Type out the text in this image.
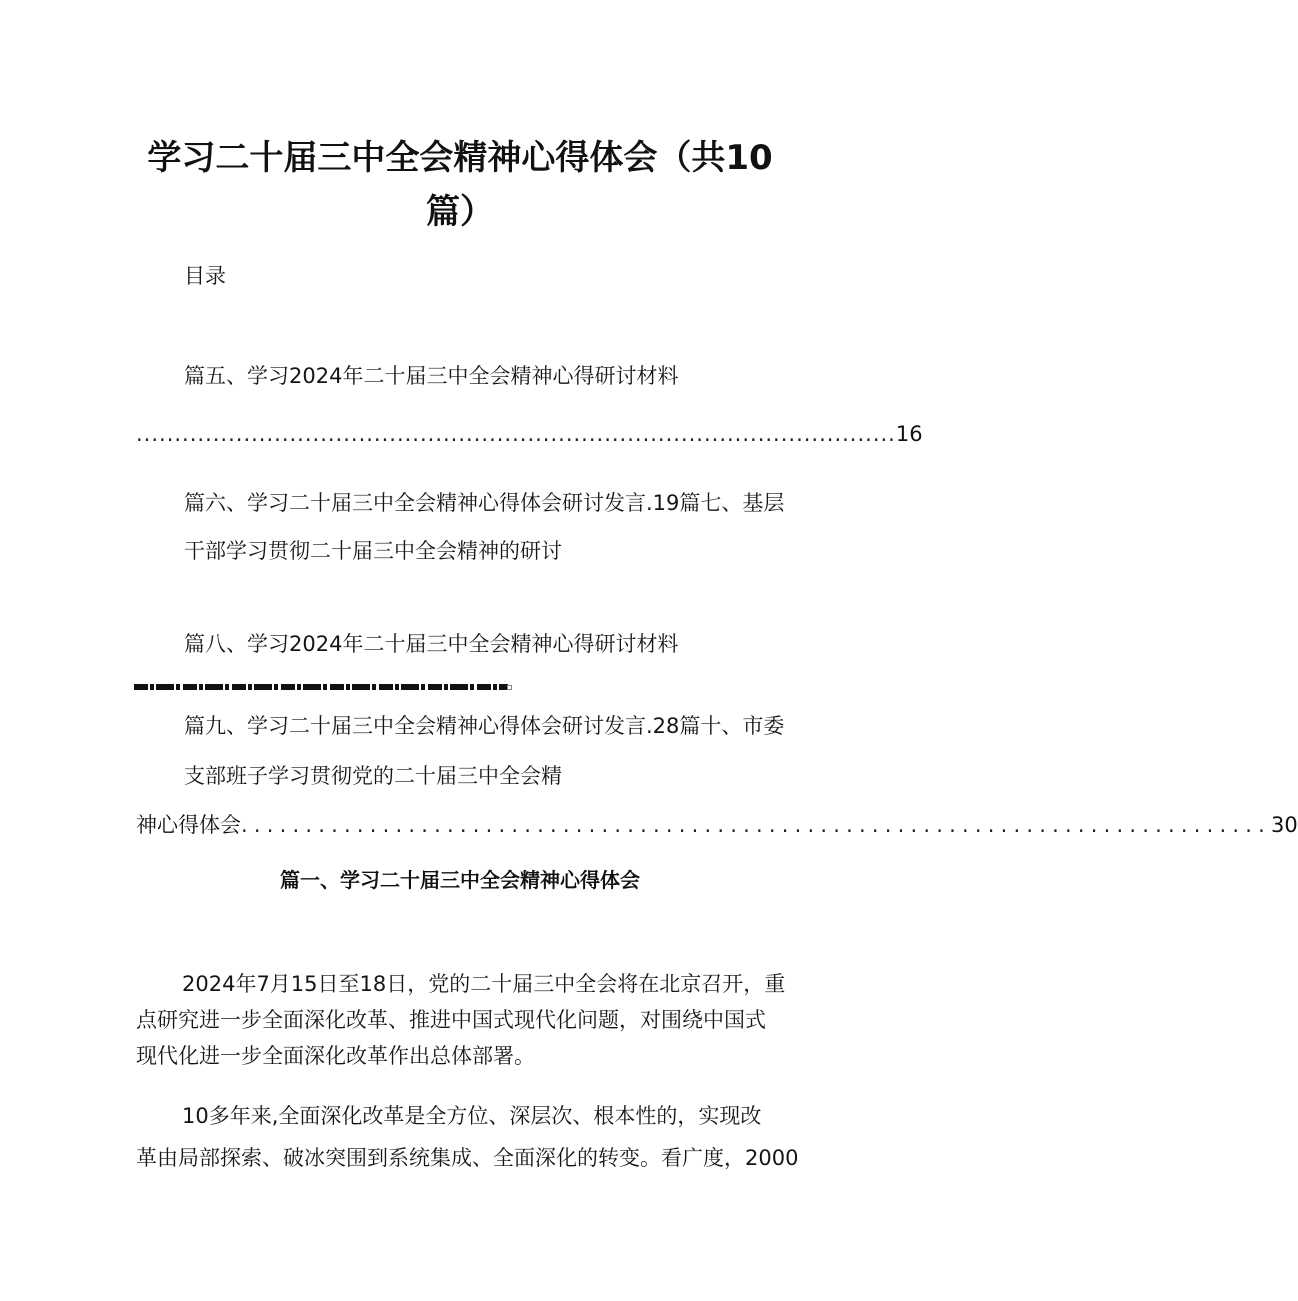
学习二十届三中全会精神心得体会（共10
篇）
目录
篇五、学习2024年二十届三中全会精神心得研讨材料
................................................................................................... 16
篇六、学习二十届三中全会精神心得体会研讨发言.19篇七、基层
干部学习贯彻二十届三中全会精神的研讨
篇八、学习2024年二十届三中全会精神心得研讨材料
篇九、学习二十届三中全会精神心得体会研讨发言.28篇十、市委
支部班子学习贯彻党的二十届三中全会精
神心得体会 ................................................................................ 30
篇一、学习二十届三中全会精神心得体会
2024年7月15日至18日，党的二十届三中全会将在北京召开，重
点研究进一步全面深化改革、推进中国式现代化问题，对围绕中国式
现代化进一步全面深化改革作出总体部署。
10多年来,全面深化改革是全方位、深层次、根本性的，实现改
革由局部探索、破冰突围到系统集成、全面深化的转变。看广度，2000
